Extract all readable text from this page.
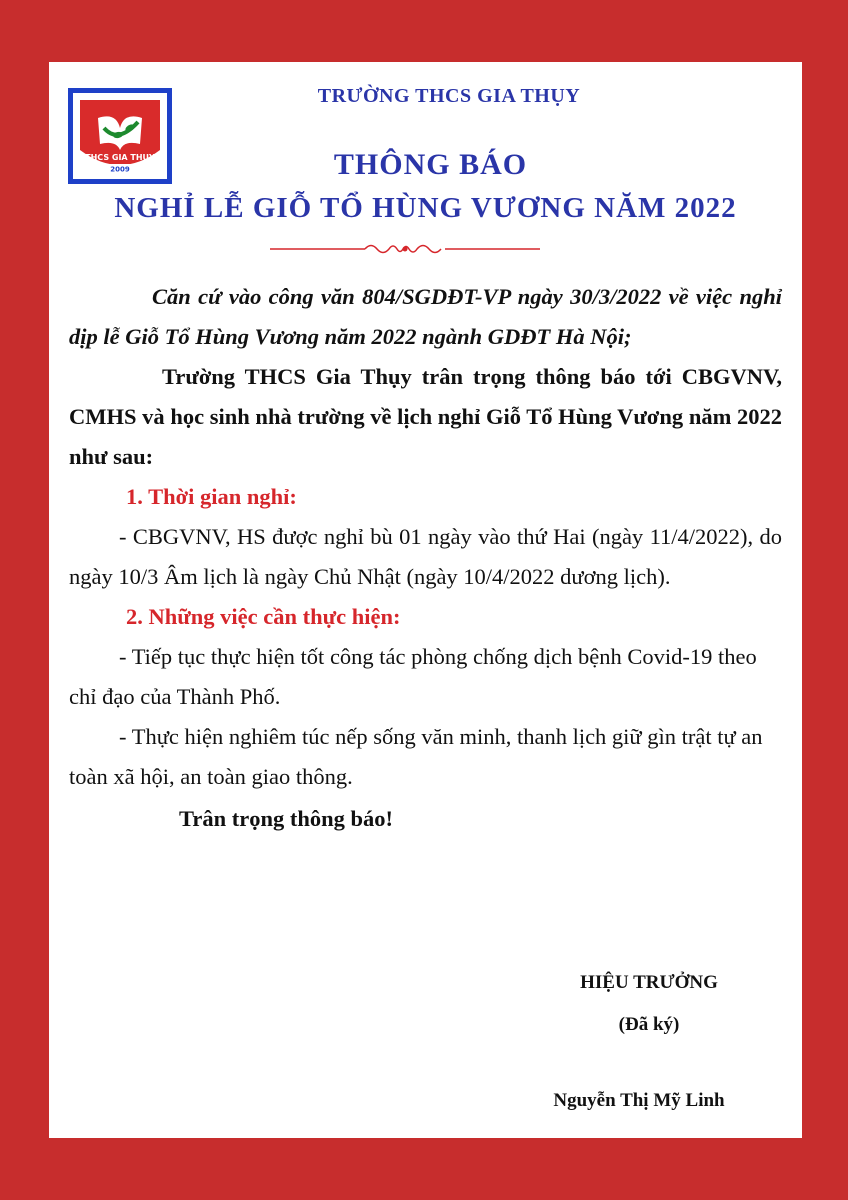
THCS GIA THỤY
2009
TRƯỜNG THCS GIA THỤY
THÔNG BÁO
NGHỈ LỄ GIỖ TỔ HÙNG VƯƠNG NĂM 2022

Căn cứ vào công văn 804/SGDĐT-VP ngày 30/3/2022 về việc nghỉ dịp lễ Giỗ Tổ Hùng Vương năm 2022 ngành GDĐT Hà Nội;

Trường THCS Gia Thụy trân trọng thông báo tới CBGVNV, CMHS và học sinh nhà trường về lịch nghỉ Giỗ Tổ Hùng Vương năm 2022 như sau:

1. Thời gian nghỉ:

- CBGVNV, HS được nghỉ bù 01 ngày vào thứ Hai (ngày 11/4/2022), do ngày 10/3 Âm lịch là ngày Chủ Nhật (ngày 10/4/2022 dương lịch).

2. Những việc cần thực hiện:

- Tiếp tục thực hiện tốt công tác phòng chống dịch bệnh Covid-19 theo chỉ đạo của Thành Phố.

- Thực hiện nghiêm túc nếp sống văn minh, thanh lịch giữ gìn trật tự an toàn xã hội, an toàn giao thông.

Trân trọng thông báo!

HIỆU TRƯỞNG
(Đã ký)
Nguyễn Thị Mỹ Linh
